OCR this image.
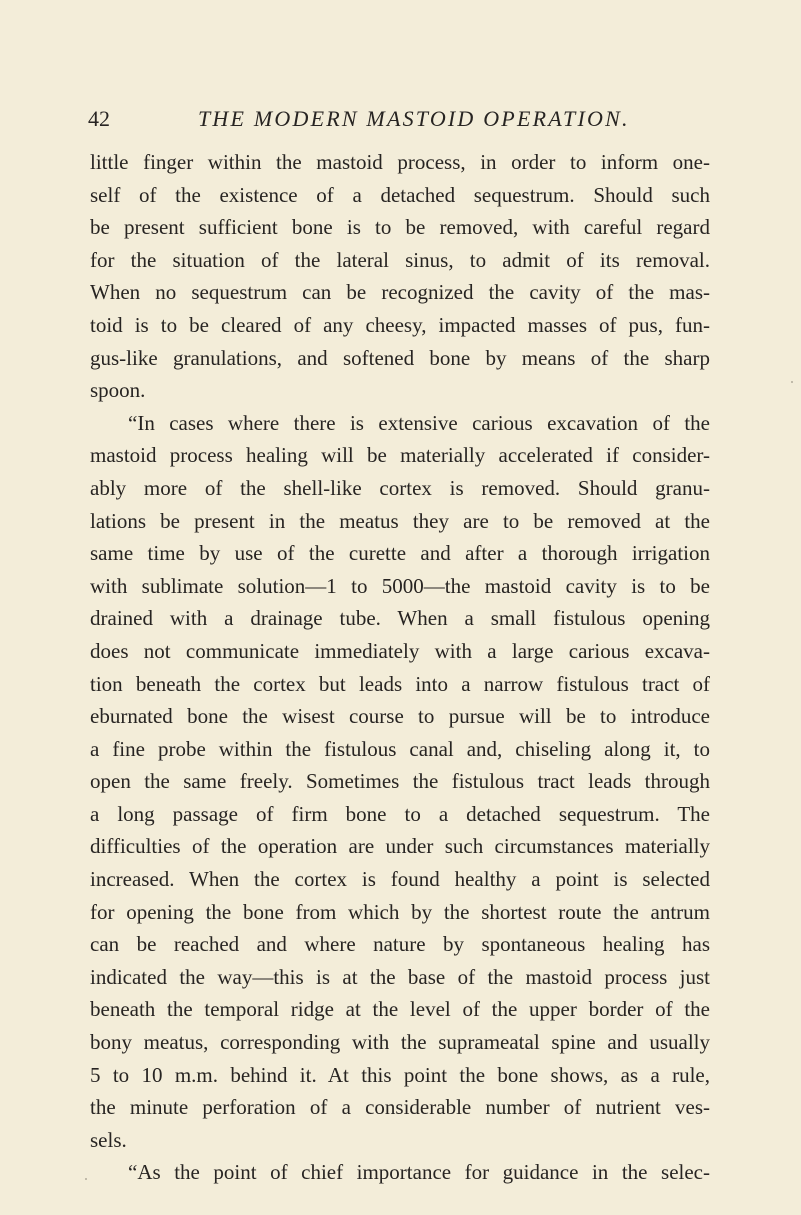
42	THE MODERN MASTOID OPERATION.
little finger within the mastoid process, in order to inform one-
self of the existence of a detached sequestrum. Should such
be present sufficient bone is to be removed, with careful regard
for the situation of the lateral sinus, to admit of its removal.
When no sequestrum can be recognized the cavity of the mas-
toid is to be cleared of any cheesy, impacted masses of pus, fun-
gus-like granulations, and softened bone by means of the sharp
spoon.
“In cases where there is extensive carious excavation of the
mastoid process healing will be materially accelerated if consider-
ably more of the shell-like cortex is removed. Should granu-
lations be present in the meatus they are to be removed at the
same time by use of the curette and after a thorough irrigation
with sublimate solution—1 to 5000—the mastoid cavity is to be
drained with a drainage tube. When a small fistulous opening
does not communicate immediately with a large carious excava-
tion beneath the cortex but leads into a narrow fistulous tract of
eburnated bone the wisest course to pursue will be to introduce
a fine probe within the fistulous canal and, chiseling along it, to
open the same freely. Sometimes the fistulous tract leads through
a long passage of firm bone to a detached sequestrum. The
difficulties of the operation are under such circumstances materially
increased. When the cortex is found healthy a point is selected
for opening the bone from which by the shortest route the antrum
can be reached and where nature by spontaneous healing has
indicated the way—this is at the base of the mastoid process just
beneath the temporal ridge at the level of the upper border of the
bony meatus, corresponding with the suprameatal spine and usually
5 to 10 m.m. behind it. At this point the bone shows, as a rule,
the minute perforation of a considerable number of nutrient ves-
sels.
“As the point of chief importance for guidance in the selec-
